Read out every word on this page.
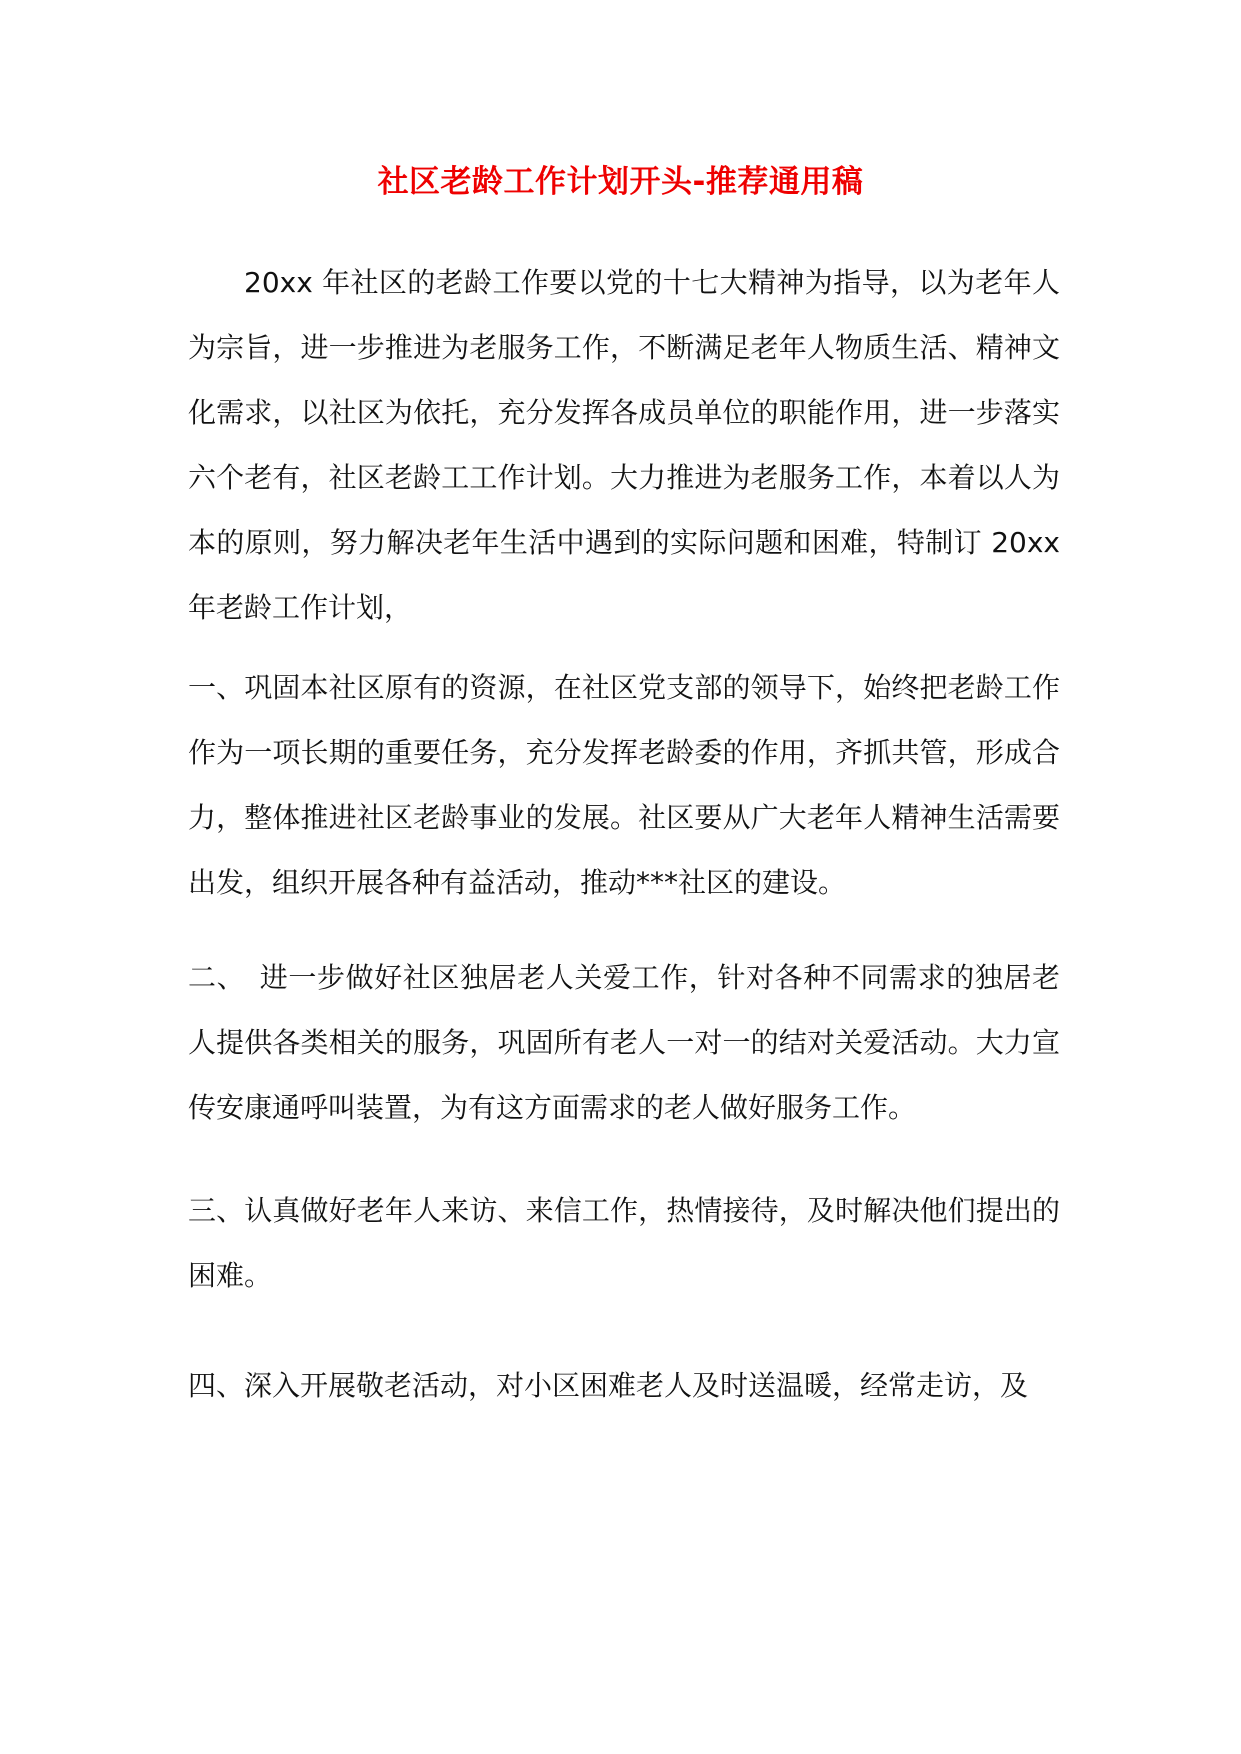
社区老龄工作计划开头-推荐通用稿

20xx 年社区的老龄工作要以党的十七大精神为指导，以为老年人为宗旨，进一步推进为老服务工作，不断满足老年人物质生活、精神文化需求，以社区为依托，充分发挥各成员单位的职能作用，进一步落实六个老有，社区老龄工工作计划。大力推进为老服务工作，本着以人为本的原则，努力解决老年生活中遇到的实际问题和困难，特制订 20xx 年老龄工作计划，

一、巩固本社区原有的资源，在社区党支部的领导下，始终把老龄工作作为一项长期的重要任务，充分发挥老龄委的作用，齐抓共管，形成合力，整体推进社区老龄事业的发展。社区要从广大老年人精神生活需要出发，组织开展各种有益活动，推动***社区的建设。

二、　进一步做好社区独居老人关爱工作，针对各种不同需求的独居老人提供各类相关的服务，巩固所有老人一对一的结对关爱活动。大力宣传安康通呼叫装置，为有这方面需求的老人做好服务工作。

三、认真做好老年人来访、来信工作，热情接待，及时解决他们提出的困难。

四、深入开展敬老活动，对小区困难老人及时送温暖，经常走访，及
